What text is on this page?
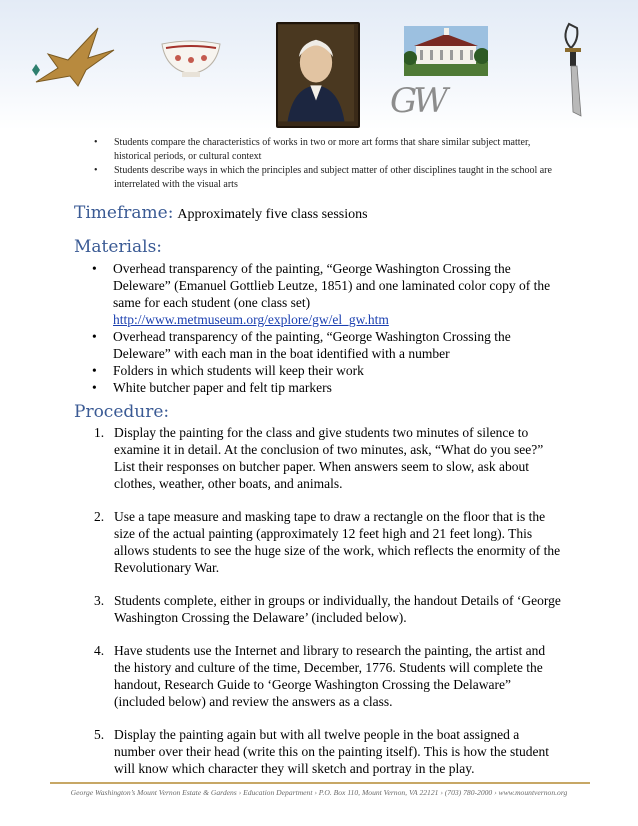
GW
• Students compare the characteristics of works in two or more art forms that share similar subject matter, historical periods, or cultural context
• Students describe ways in which the principles and subject matter of other disciplines taught in the school are interrelated with the visual arts
Timeframe: Approximately five class sessions
Materials:
• Overhead transparency of the painting, “George Washington Crossing the Deleware” (Emanuel Gottlieb Leutze, 1851) and one laminated color copy of the same for each student (one class set)
http://www.metmuseum.org/explore/gw/el_gw.htm
• Overhead transparency of the painting, “George Washington Crossing the Deleware” with each man in the boat identified with a number
• Folders in which students will keep their work
• White butcher paper and felt tip markers
Procedure:
1. Display the painting for the class and give students two minutes of silence to examine it in detail. At the conclusion of two minutes, ask, “What do you see?” List their responses on butcher paper. When answers seem to slow, ask about clothes, weather, other boats, and animals.
2. Use a tape measure and masking tape to draw a rectangle on the floor that is the size of the actual painting (approximately 12 feet high and 21 feet long). This allows students to see the huge size of the work, which reflects the enormity of the Revolutionary War.
3. Students complete, either in groups or individually, the handout Details of ‘George Washington Crossing the Delaware’ (included below).
4. Have students use the Internet and library to research the painting, the artist and the history and culture of the time, December, 1776. Students will complete the handout, Research Guide to ‘George Washington Crossing the Delaware” (included below) and review the answers as a class.
5. Display the painting again but with all twelve people in the boat assigned a number over their head (write this on the painting itself). This is how the student will know which character they will sketch and portray in the play.
George Washington’s Mount Vernon Estate & Gardens › Education Department › P.O. Box 110, Mount Vernon, VA 22121 › (703) 780-2000 › www.mountvernon.org
